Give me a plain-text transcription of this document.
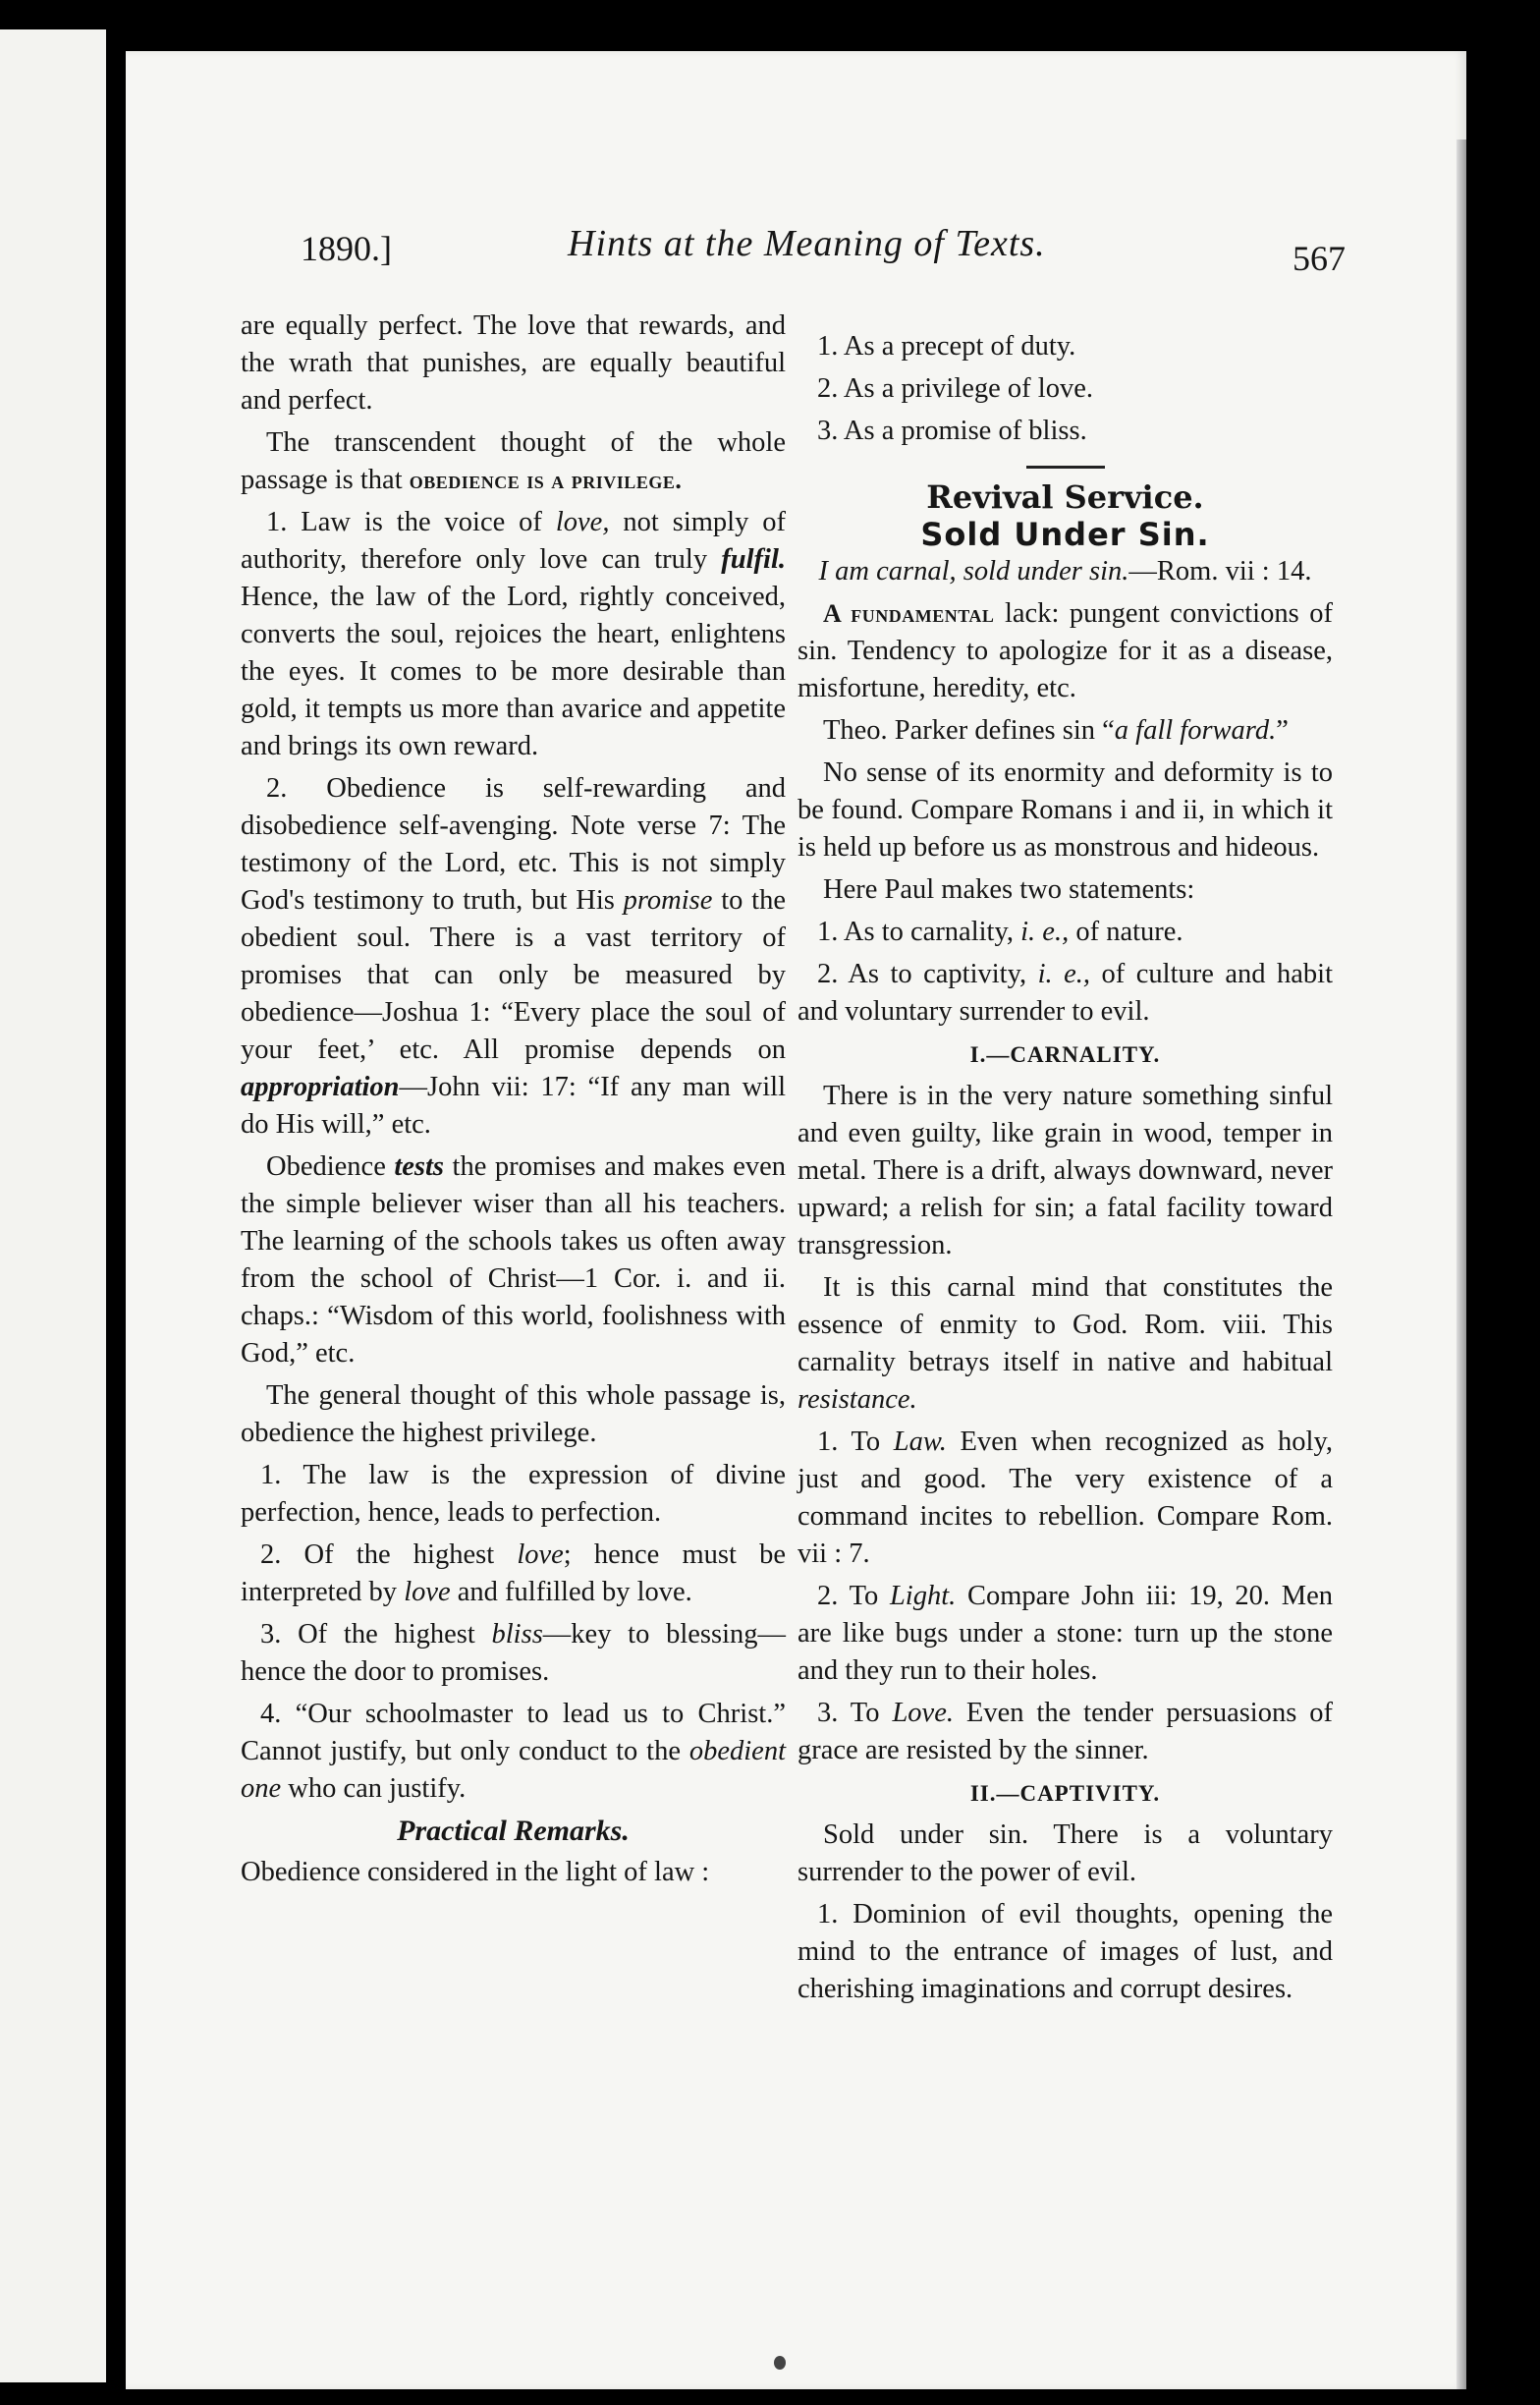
1890.]	Hints at the Meaning of Texts.	567

are equally perfect. The love that rewards, and the wrath that punishes, are equally beautiful and perfect.

The transcendent thought of the whole passage is that obedience is a privilege.

1. Law is the voice of love, not simply of authority, therefore only love can truly fulfil. Hence, the law of the Lord, rightly conceived, converts the soul, rejoices the heart, enlightens the eyes. It comes to be more desirable than gold, it tempts us more than avarice and appetite and brings its own reward.

2. Obedience is self-rewarding and disobedience self-avenging. Note verse 7: The testimony of the Lord, etc. This is not simply God's testimony to truth, but His promise to the obedient soul. There is a vast territory of promises that can only be measured by obedience—Joshua 1: “Every place the soul of your feet,’ etc. All promise depends on appropriation—John vii: 17: “If any man will do His will,” etc.

Obedience tests the promises and makes even the simple believer wiser than all his teachers. The learning of the schools takes us often away from the school of Christ—1 Cor. i. and ii. chaps.: “Wisdom of this world, foolishness with God,” etc.

The general thought of this whole passage is, obedience the highest privilege.

1. The law is the expression of divine perfection, hence, leads to perfection.

2. Of the highest love; hence must be interpreted by love and fulfilled by love.

3. Of the highest bliss—key to blessing—hence the door to promises.

4. “Our schoolmaster to lead us to Christ.” Cannot justify, but only conduct to the obedient one who can justify.

Practical Remarks.

Obedience considered in the light of law :

1. As a precept of duty.

2. As a privilege of love.

3. As a promise of bliss.

Revival Service.
Sold Under Sin.

I am carnal, sold under sin.—Rom. vii : 14.

A fundamental lack: pungent convictions of sin. Tendency to apologize for it as a disease, misfortune, heredity, etc.

Theo. Parker defines sin “a fall forward.”

No sense of its enormity and deformity is to be found. Compare Romans i and ii, in which it is held up before us as monstrous and hideous.

Here Paul makes two statements:

1. As to carnality, i. e., of nature.

2. As to captivity, i. e., of culture and habit and voluntary surrender to evil.

I.—CARNALITY.

There is in the very nature something sinful and even guilty, like grain in wood, temper in metal. There is a drift, always downward, never upward; a relish for sin; a fatal facility toward transgression.

It is this carnal mind that constitutes the essence of enmity to God. Rom. viii. This carnality betrays itself in native and habitual resistance.

1. To Law. Even when recognized as holy, just and good. The very existence of a command incites to rebellion. Compare Rom. vii : 7.

2. To Light. Compare John iii: 19, 20. Men are like bugs under a stone: turn up the stone and they run to their holes.

3. To Love. Even the tender persuasions of grace are resisted by the sinner.

II.—CAPTIVITY.

Sold under sin. There is a voluntary surrender to the power of evil.

1. Dominion of evil thoughts, opening the mind to the entrance of images of lust, and cherishing imaginations and corrupt desires.
